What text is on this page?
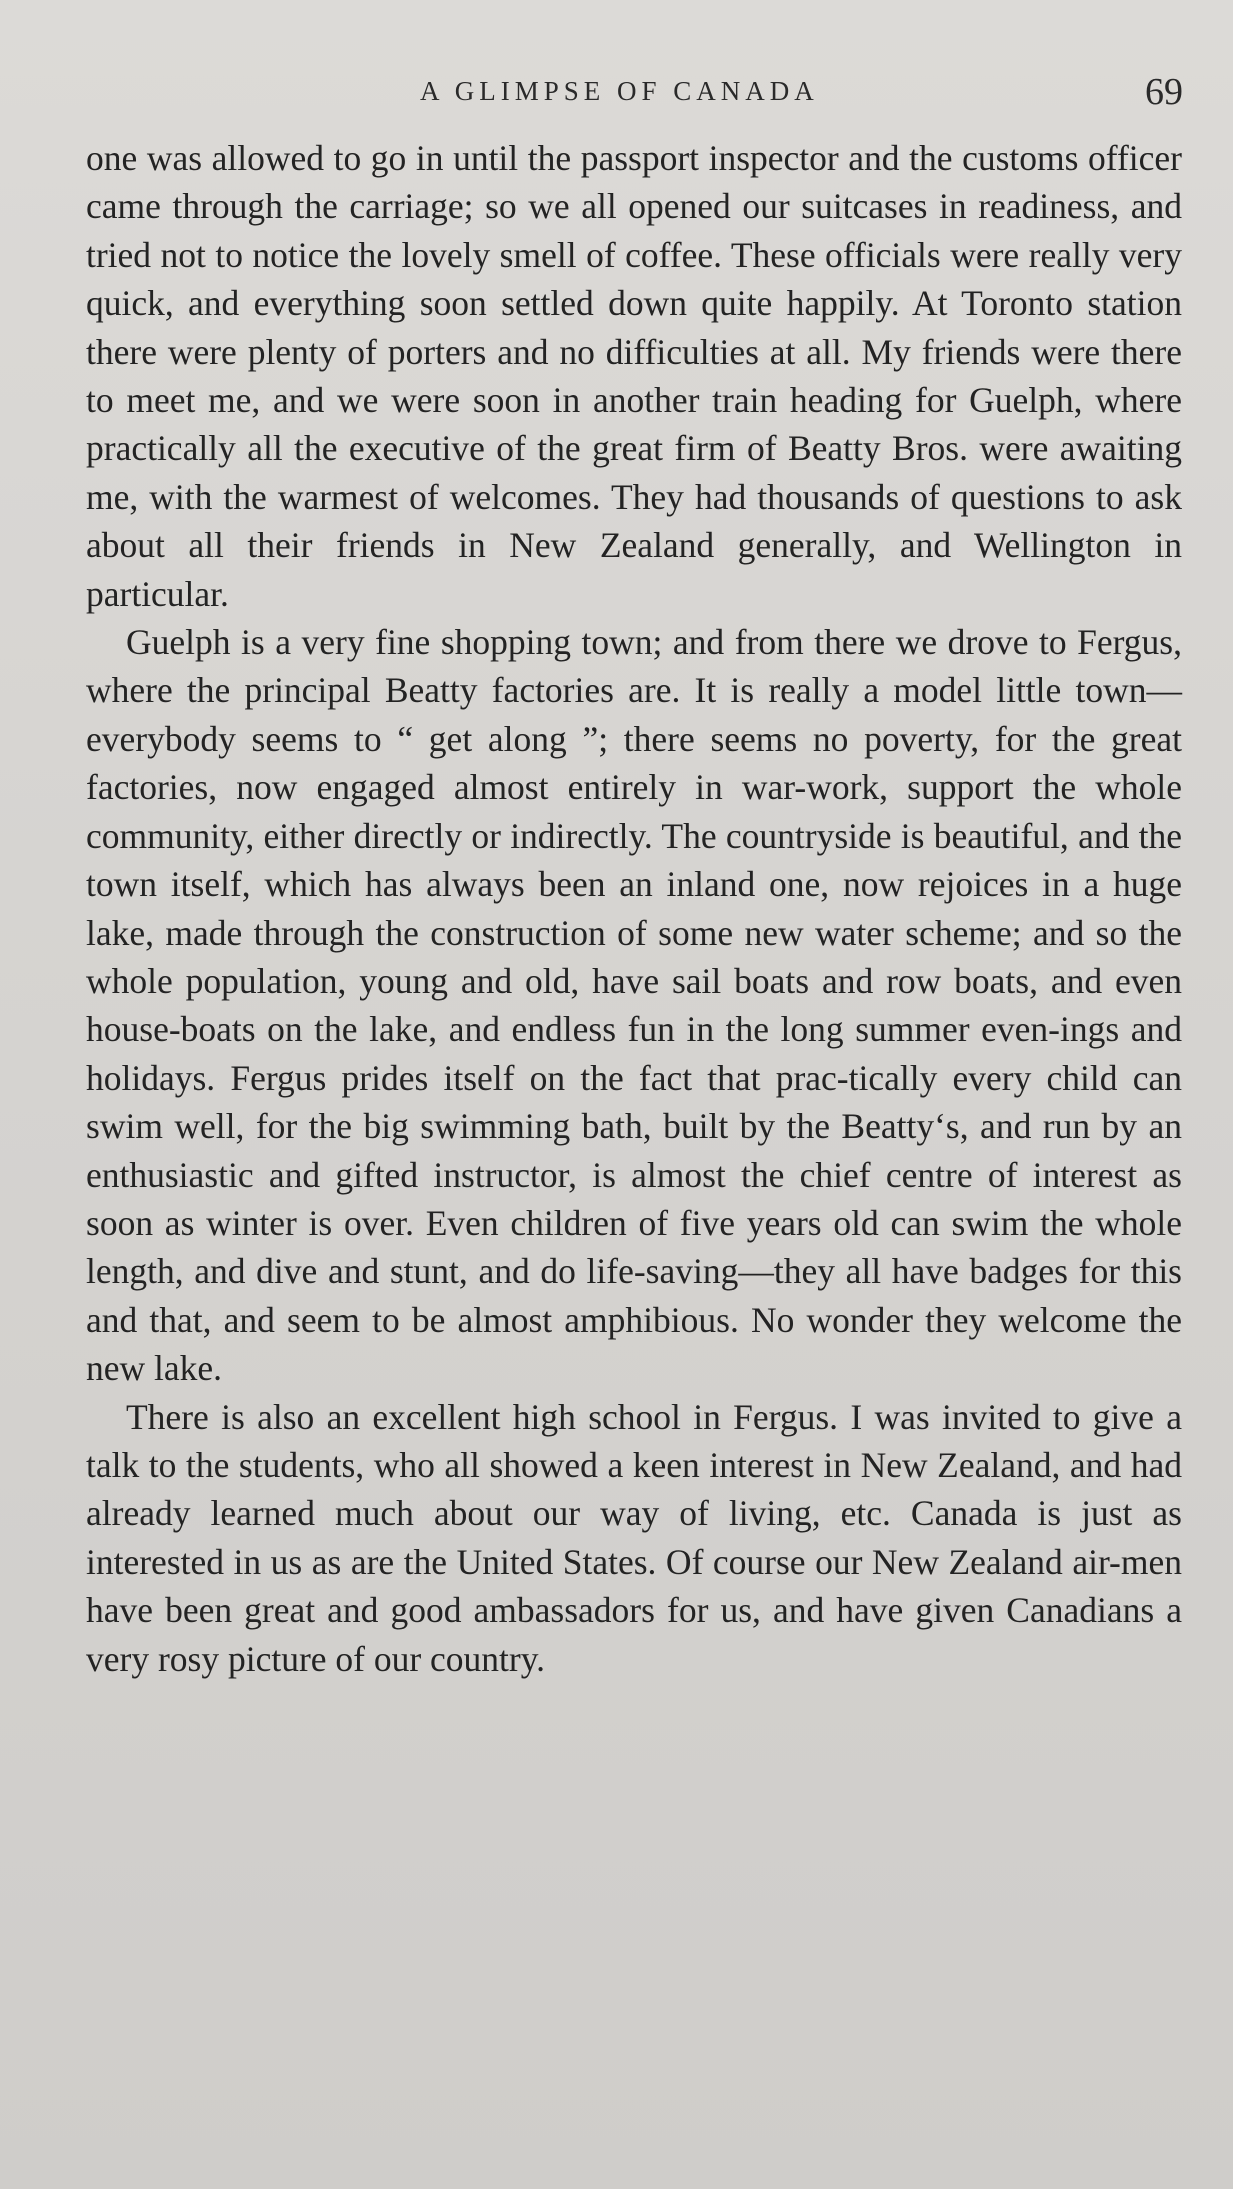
A GLIMPSE OF CANADA	69

one was allowed to go in until the passport inspector and the customs officer came through the carriage; so we all opened our suitcases in readiness, and tried not to notice the lovely smell of coffee. These officials were really very quick, and everything soon settled down quite happily. At Toronto station there were plenty of porters and no difficulties at all. My friends were there to meet me, and we were soon in another train heading for Guelph, where practically all the executive of the great firm of Beatty Bros. were awaiting me, with the warmest of welcomes. They had thousands of questions to ask about all their friends in New Zealand generally, and Wellington in particular.

Guelph is a very fine shopping town; and from there we drove to Fergus, where the principal Beatty factories are. It is really a model little town—everybody seems to “ get along ”; there seems no poverty, for the great factories, now engaged almost entirely in war-work, support the whole community, either directly or indirectly. The countryside is beautiful, and the town itself, which has always been an inland one, now rejoices in a huge lake, made through the construction of some new water scheme; and so the whole population, young and old, have sail boats and row boats, and even house-boats on the lake, and endless fun in the long summer even-ings and holidays. Fergus prides itself on the fact that prac-tically every child can swim well, for the big swimming bath, built by the Beatty‘s, and run by an enthusiastic and gifted instructor, is almost the chief centre of interest as soon as winter is over. Even children of five years old can swim the whole length, and dive and stunt, and do life-saving—they all have badges for this and that, and seem to be almost amphibious. No wonder they welcome the new lake.

There is also an excellent high school in Fergus. I was invited to give a talk to the students, who all showed a keen interest in New Zealand, and had already learned much about our way of living, etc. Canada is just as interested in us as are the United States. Of course our New Zealand air-men have been great and good ambassadors for us, and have given Canadians a very rosy picture of our country.
